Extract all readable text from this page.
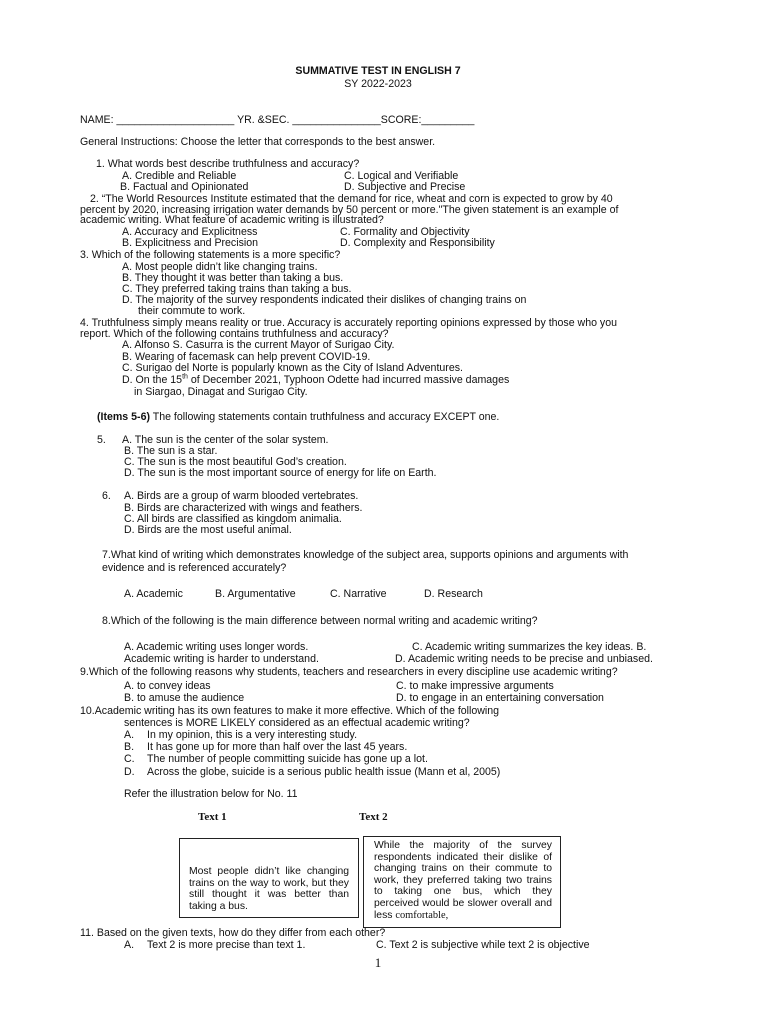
SUMMATIVE TEST IN ENGLISH 7
SY 2022-2023
NAME: ____________________ YR. &SEC. _______________SCORE:_________
General Instructions: Choose the letter that corresponds to the best answer.
1. What words best describe truthfulness and accuracy?
A. Credible and Reliable	C. Logical and Verifiable
B. Factual and Opinionated	D. Subjective and Precise
2. “The World Resources Institute estimated that the demand for rice, wheat and corn is expected to grow by 40
percent by 2020, increasing irrigation water demands by 50 percent or more."The given statement is an example of
academic writing. What feature of academic writing is illustrated?
A. Accuracy and Explicitness	C. Formality and Objectivity
B. Explicitness and Precision	D. Complexity and Responsibility
3. Which of the following statements is a more specific?
A. Most people didn’t like changing trains.
B. They thought it was better than taking a bus.
C. They preferred taking trains than taking a bus.
D. The majority of the survey respondents indicated their dislikes of changing trains on
their commute to work.
4. Truthfulness simply means reality or true. Accuracy is accurately reporting opinions expressed by those who you
report. Which of the following contains truthfulness and accuracy?
A. Alfonso S. Casurra is the current Mayor of Surigao City.
B. Wearing of facemask can help prevent COVID-19.
C. Surigao del Norte is popularly known as the City of Island Adventures.
D. On the 15th of December 2021, Typhoon Odette had incurred massive damages
in Siargao, Dinagat and Surigao City.
(Items 5-6) The following statements contain truthfulness and accuracy EXCEPT one.
5. A. The sun is the center of the solar system.
B. The sun is a star.
C. The sun is the most beautiful God’s creation.
D. The sun is the most important source of energy for life on Earth.
6. A. Birds are a group of warm blooded vertebrates.
B. Birds are characterized with wings and feathers.
C. All birds are classified as kingdom animalia.
D. Birds are the most useful animal.
7.What kind of writing which demonstrates knowledge of the subject area, supports opinions and arguments with
evidence and is referenced accurately?
A. Academic	B. Argumentative	C. Narrative	D. Research
8.Which of the following is the main difference between normal writing and academic writing?
A. Academic writing uses longer words.	C. Academic writing summarizes the key ideas. B.
Academic writing is harder to understand.	D. Academic writing needs to be precise and unbiased.
9.Which of the following reasons why students, teachers and researchers in every discipline use academic writing?
A. to convey ideas	C. to make impressive arguments
B. to amuse the audience	D. to engage in an entertaining conversation
10.Academic writing has its own features to make it more effective. Which of the following
sentences is MORE LIKELY considered as an effectual academic writing?
A. In my opinion, this is a very interesting study.
B. It has gone up for more than half over the last 45 years.
C. The number of people committing suicide has gone up a lot.
D. Across the globe, suicide is a serious public health issue (Mann et al, 2005)
Refer the illustration below for No. 11
Text 1	Text 2
Most people didn’t like changing trains on the way to work, but they still thought it was better than taking a bus.
While the majority of the survey respondents indicated their dislike of changing trains on their commute to work, they preferred taking two trains to taking one bus, which they perceived would be slower overall and less comfortable,
11. Based on the given texts, how do they differ from each other?
A. Text 2 is more precise than text 1.	C. Text 2 is subjective while text 2 is objective
1
